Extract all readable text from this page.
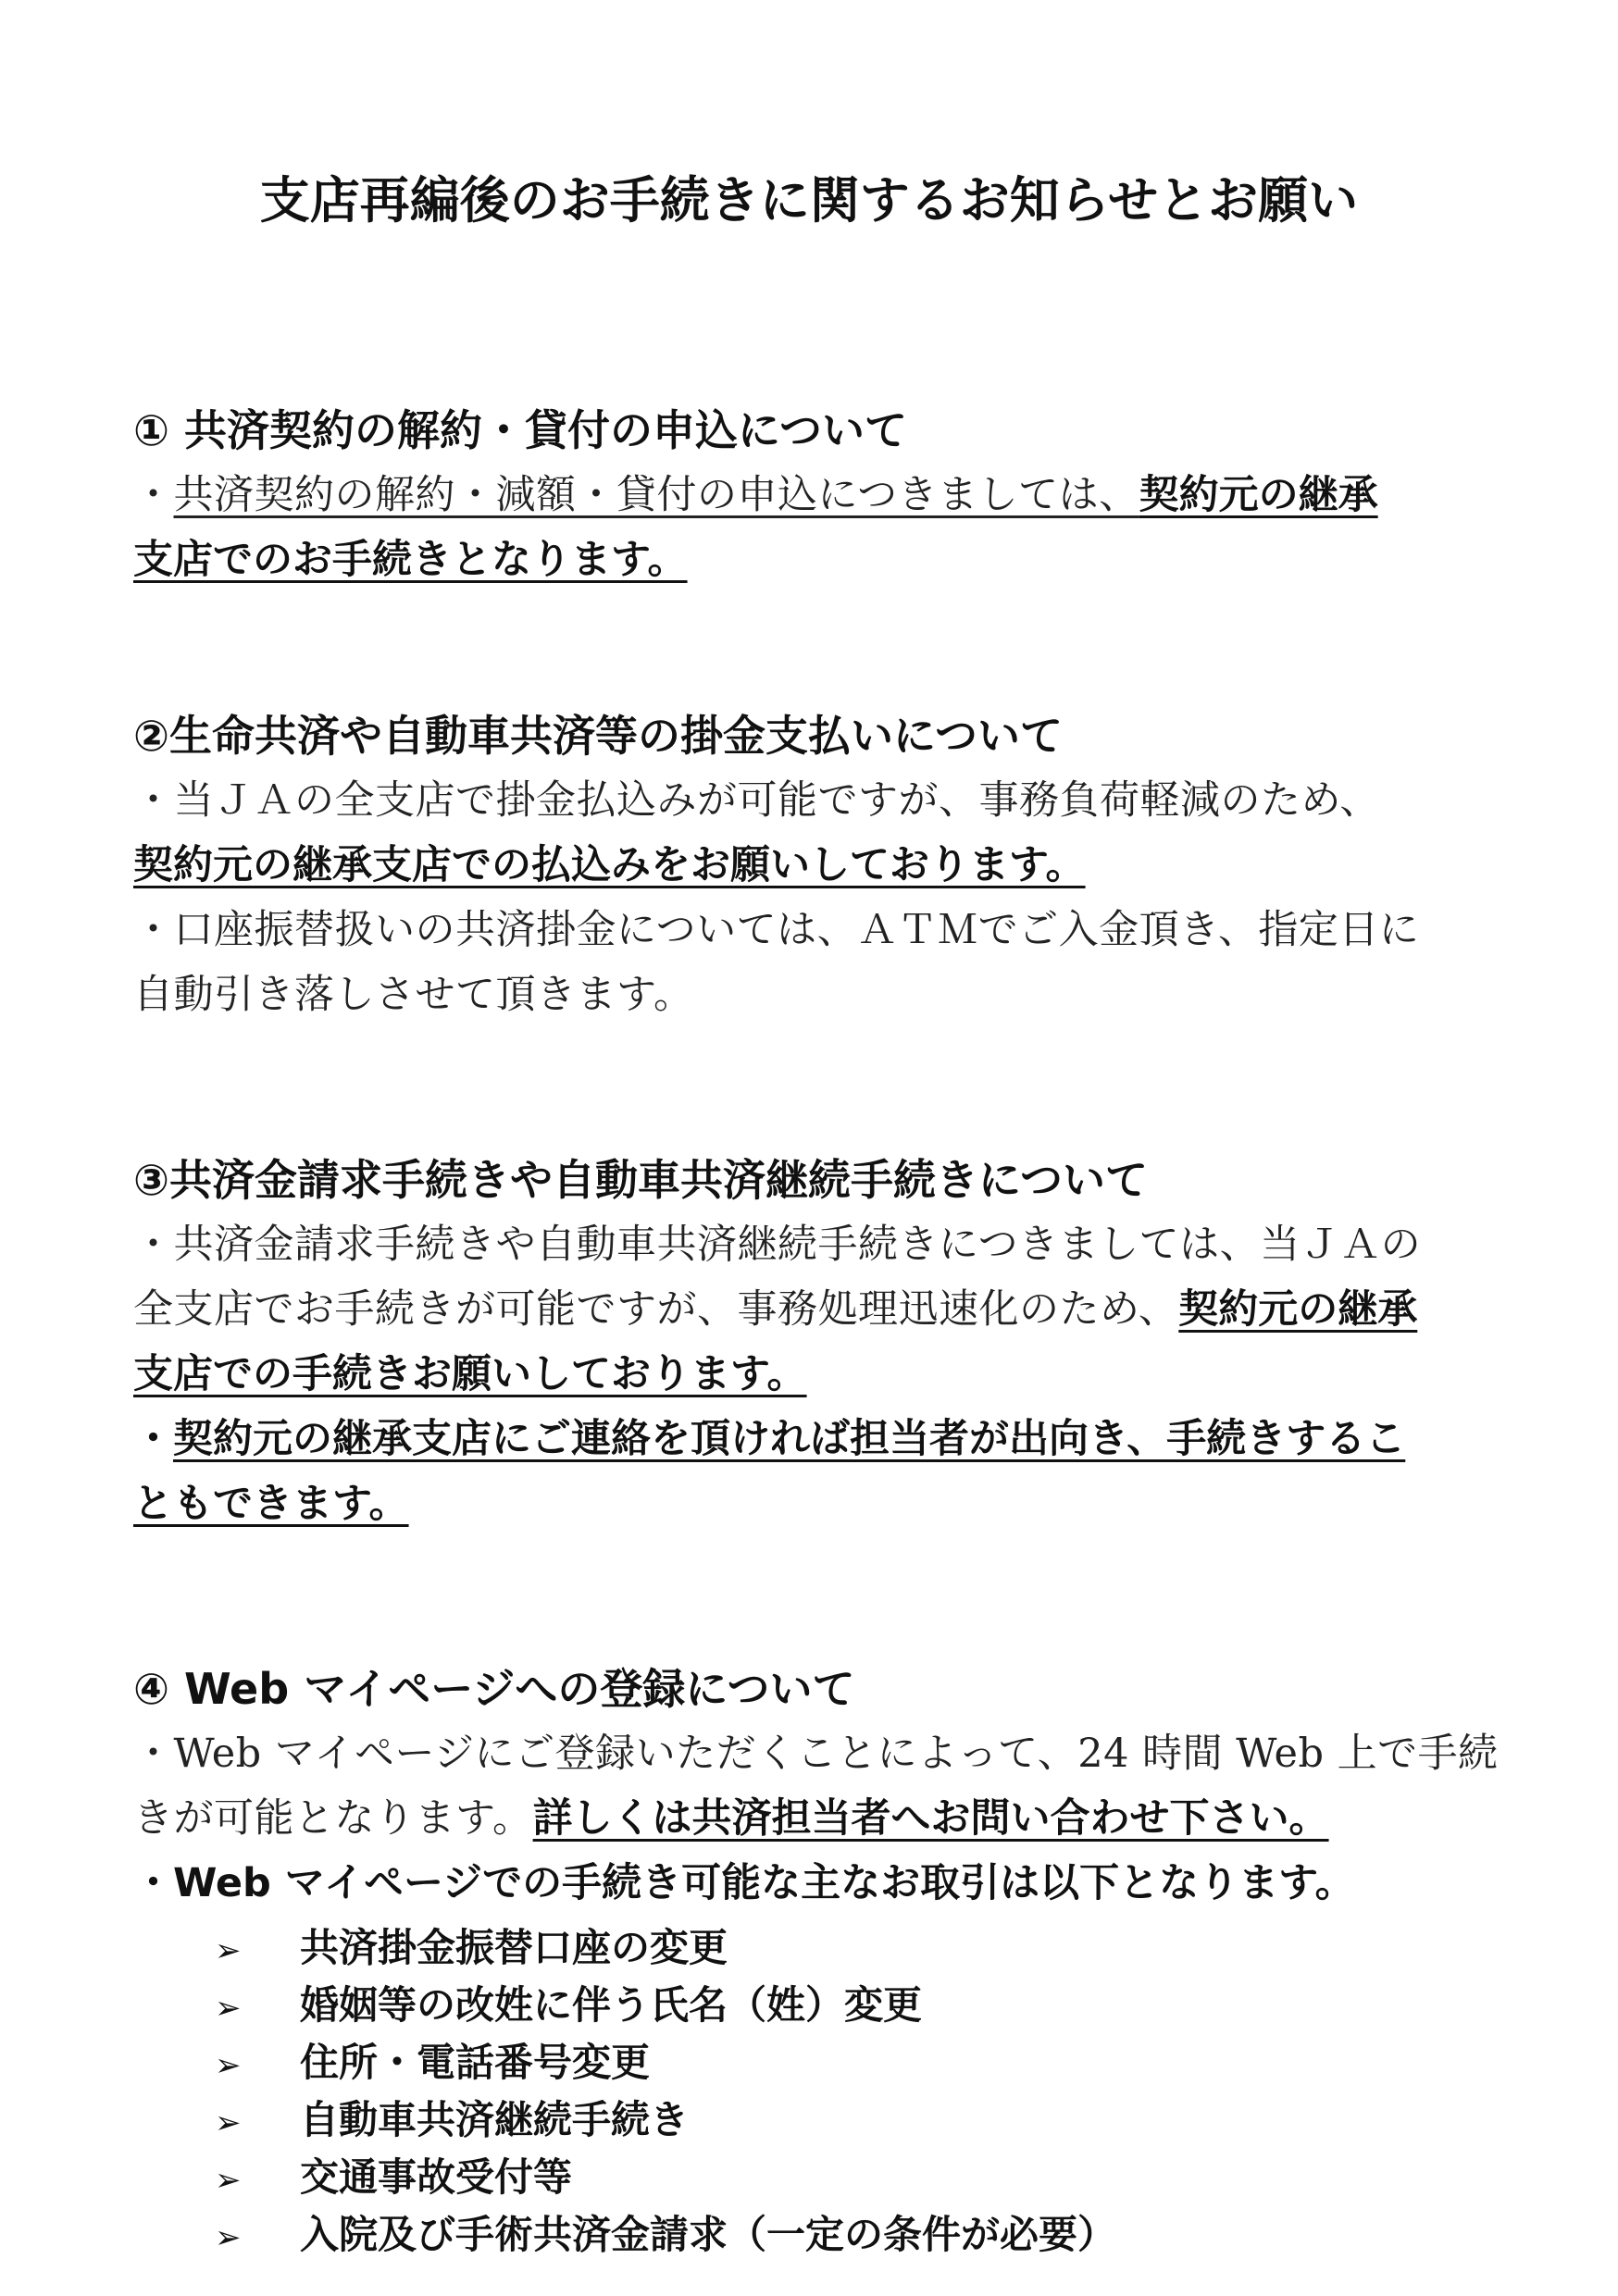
支店再編後のお手続きに関するお知らせとお願い
① 共済契約の解約・貸付の申込について
・共済契約の解約・減額・貸付の申込につきましては、契約元の継承
支店でのお手続きとなります。
②生命共済や自動車共済等の掛金支払いについて
・当ＪＡの全支店で掛金払込みが可能ですが、事務負荷軽減のため、
契約元の継承支店での払込みをお願いしております。
・口座振替扱いの共済掛金については、ＡＴＭでご入金頂き、指定日に
自動引き落しさせて頂きます。
③共済金請求手続きや自動車共済継続手続きについて
・共済金請求手続きや自動車共済継続手続きにつきましては、当ＪＡの
全支店でお手続きが可能ですが、事務処理迅速化のため、契約元の継承
支店での手続きお願いしております。
・契約元の継承支店にご連絡を頂ければ担当者が出向き、手続きするこ
ともできます。
④ Web マイページへの登録について
・Web マイページにご登録いただくことによって、24 時間 Web 上で手続
きが可能となります。詳しくは共済担当者へお問い合わせ下さい。
・Web マイページでの手続き可能な主なお取引は以下となります。
➢ 共済掛金振替口座の変更
➢ 婚姻等の改姓に伴う氏名（姓）変更
➢ 住所・電話番号変更
➢ 自動車共済継続手続き
➢ 交通事故受付等
➢ 入院及び手術共済金請求（一定の条件が必要）
